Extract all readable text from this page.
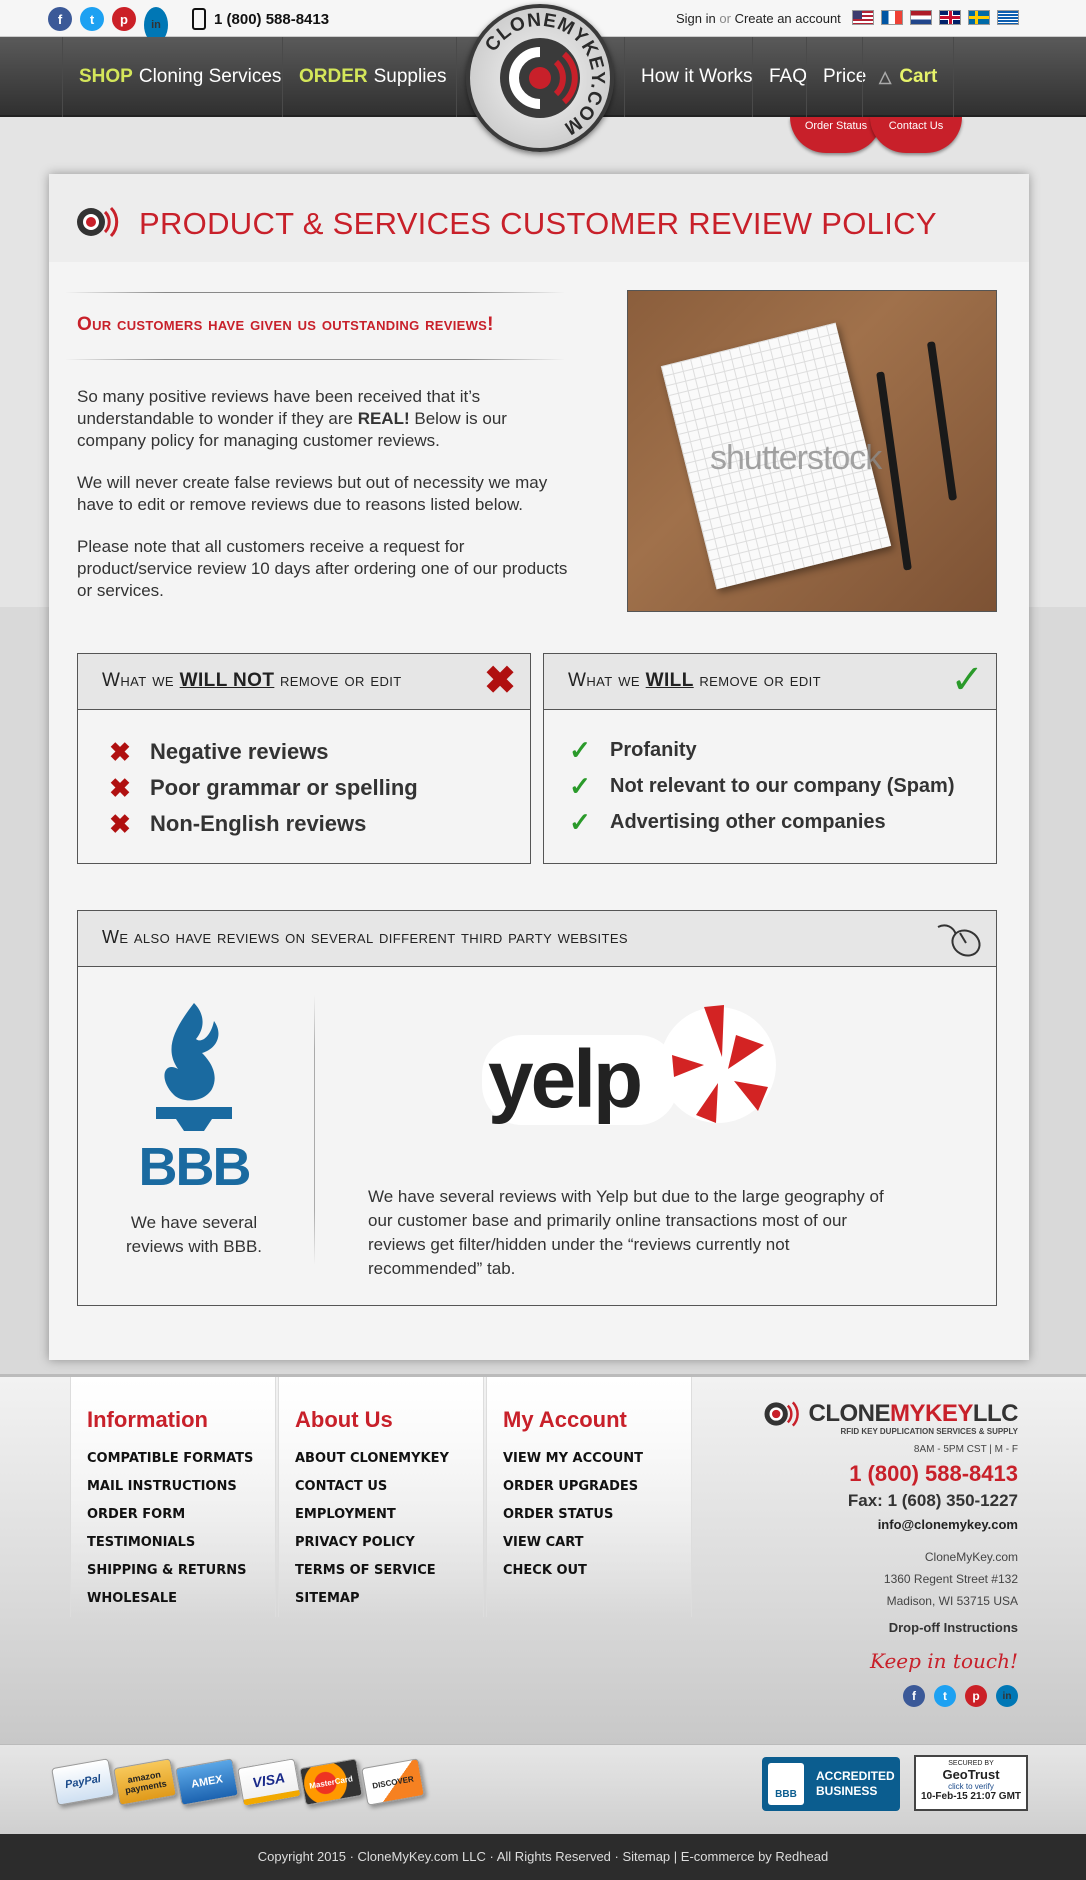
f	t	p	in	1 (800) 588-8413	Sign in or Create an account
SHOP Cloning Services ORDER Supplies	How it Works FAQ Price △ Cart
Order Status	Contact Us
CLONEMYKEY.COM
PRODUCT & SERVICES CUSTOMER REVIEW POLICY
Our customers have given us outstanding reviews!
So many positive reviews have been received that it’s understandable to wonder if they are REAL! Below is our company policy for managing customer reviews.
We will never create false reviews but out of necessity we may have to edit or remove reviews due to reasons listed below.
Please note that all customers receive a request for product/service review 10 days after ordering one of our products or services.
shutterstock
What we WILL NOT remove or edit ✖
✖ Negative reviews
✖ Poor grammar or spelling
✖ Non-English reviews
What we WILL remove or edit	✓
✓ Profanity
✓ Not relevant to our company (Spam)
✓ Advertising other companies
We also have reviews on several different third party websites
BBB
We have several reviews with BBB.
yelp
We have several reviews with Yelp but due to the large geography of our customer base and primarily online transactions most of our reviews get filter/hidden under the “reviews currently not recommended” tab.
Information
COMPATIBLE FORMATS
MAIL INSTRUCTIONS
ORDER FORM
TESTIMONIALS
SHIPPING & RETURNS
WHOLESALE
About Us
ABOUT CLONEMYKEY
CONTACT US
EMPLOYMENT
PRIVACY POLICY
TERMS OF SERVICE
SITEMAP
My Account
VIEW MY ACCOUNT
ORDER UPGRADES
ORDER STATUS
VIEW CART
CHECK OUT
CLONEMYKEYLLC
RFID KEY DUPLICATION SERVICES & SUPPLY
8AM - 5PM CST | M - F
1 (800) 588-8413
Fax: 1 (608) 350-1227
info@clonemykey.com
CloneMyKey.com
1360 Regent Street #132
Madison, WI 53715 USA
Drop-off Instructions
Keep in touch!
f	t	p	in
PayPal	amazon payments	AMEX	VISA	MasterCard	DISCOVER
BBB
ACCREDITED BUSINESS
SECURED BY
GeoTrust
click to verify
10-Feb-15 21:07 GMT
Copyright 2015 · CloneMyKey.com LLC · All Rights Reserved · Sitemap | E-commerce by Redhead
